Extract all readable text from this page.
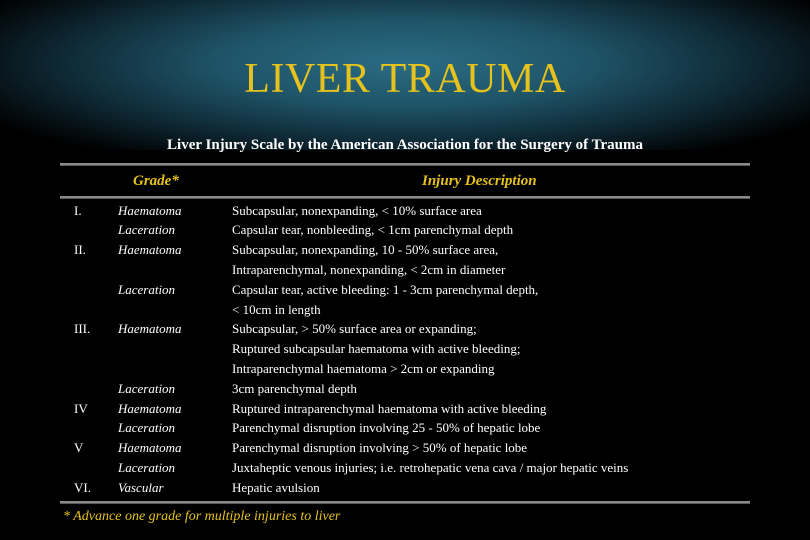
LIVER TRAUMA
Liver Injury Scale by the American Association for the Surgery of Trauma
Grade*	Injury Description
I.
II.
III.
IV
V
VI.
Haematoma
Laceration
Haematoma
Laceration
Haematoma
Laceration
Haematoma
Laceration
Haematoma
Laceration
Vascular
Subcapsular, nonexpanding, < 10% surface area
Capsular tear, nonbleeding, < 1cm parenchymal depth
Subcapsular, nonexpanding, 10 - 50% surface area,
Intraparenchymal, nonexpanding, < 2cm in diameter
Capsular tear, active bleeding: 1 - 3cm parenchymal depth,
< 10cm in length
Subcapsular, > 50% surface area or expanding;
Ruptured subcapsular haematoma with active bleeding;
Intraparenchymal haematoma > 2cm or expanding
3cm parenchymal depth
Ruptured intraparenchymal haematoma with active bleeding
Parenchymal disruption involving 25 - 50% of hepatic lobe
Parenchymal disruption involving > 50% of hepatic lobe
Juxtaheptic venous injuries; i.e. retrohepatic vena cava / major hepatic veins
Hepatic avulsion
* Advance one grade for multiple injuries to liver
